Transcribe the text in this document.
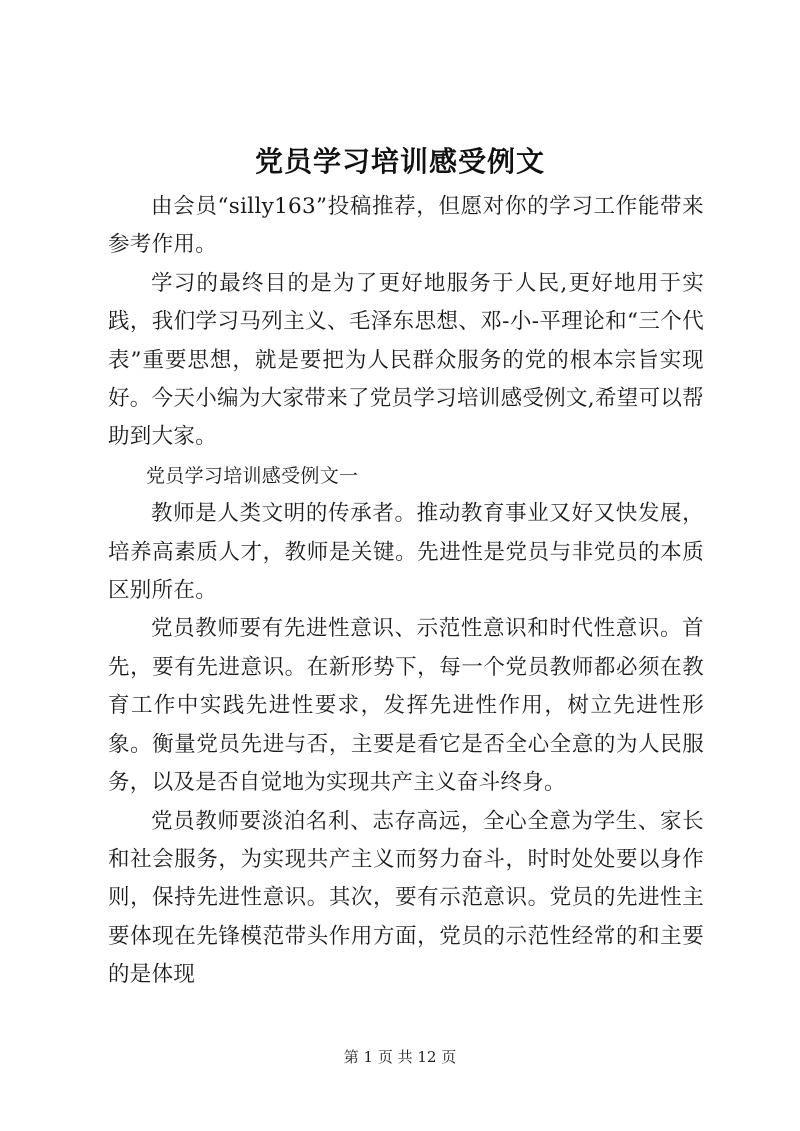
党员学习培训感受例文

由会员“silly163”投稿推荐，但愿对你的学习工作能带来参考作用。

学习的最终目的是为了更好地服务于人民,更好地用于实践，我们学习马列主义、毛泽东思想、邓-小-平理论和“三个代表”重要思想，就是要把为人民群众服务的党的根本宗旨实现好。今天小编为大家带来了党员学习培训感受例文,希望可以帮助到大家。

党员学习培训感受例文一

教师是人类文明的传承者。推动教育事业又好又快发展，培养高素质人才，教师是关键。先进性是党员与非党员的本质区别所在。

党员教师要有先进性意识、示范性意识和时代性意识。首先，要有先进意识。在新形势下，每一个党员教师都必须在教育工作中实践先进性要求，发挥先进性作用，树立先进性形象。衡量党员先进与否，主要是看它是否全心全意的为人民服务，以及是否自觉地为实现共产主义奋斗终身。

党员教师要淡泊名利、志存高远，全心全意为学生、家长和社会服务，为实现共产主义而努力奋斗，时时处处要以身作则，保持先进性意识。其次，要有示范意识。党员的先进性主要体现在先锋模范带头作用方面，党员的示范性经常的和主要的是体现

第 1 页 共 12 页
